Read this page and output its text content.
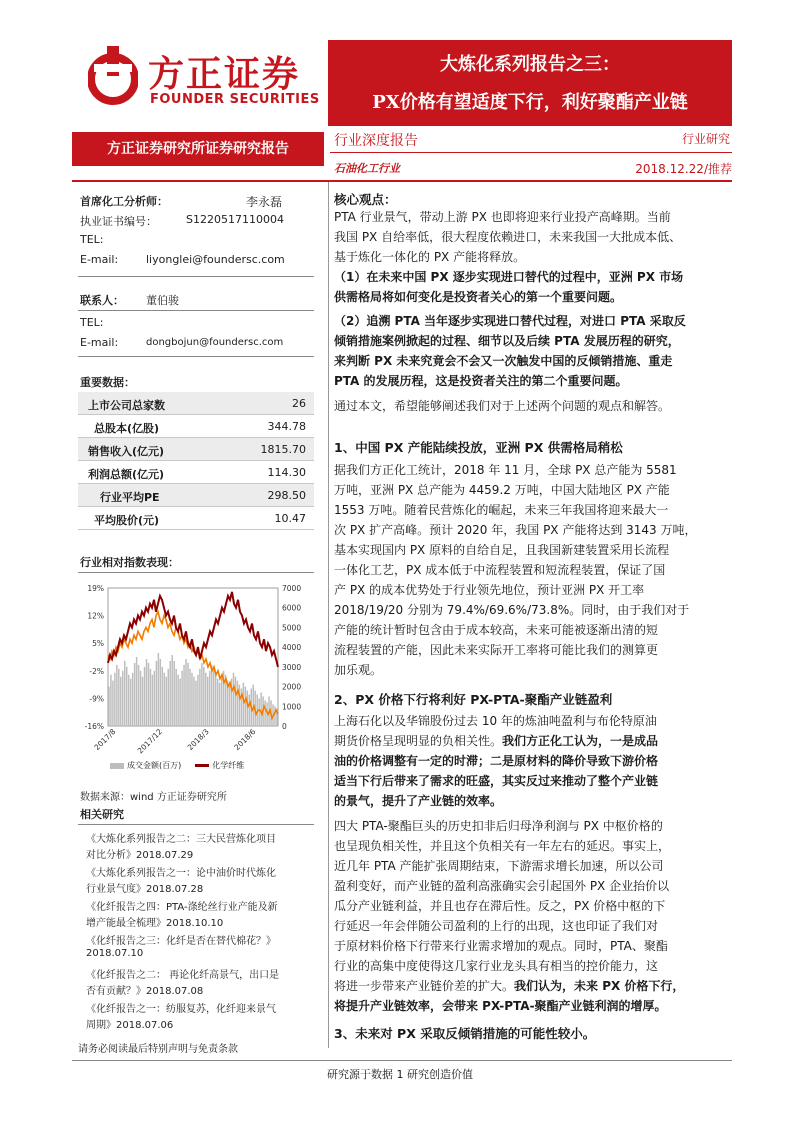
方正证券
FOUNDER SECURITIES
大炼化系列报告之三：
PX价格有望适度下行，利好聚酯产业链
方正证券研究所证券研究报告	行业深度报告	行业研究
石油化工行业	2018.12.22/推荐
首席化工分析师：	李永磊
执业证书编号：	S1220517110004
TEL:
E-mail:	liyonglei@foundersc.com
联系人： 董伯骏
TEL:
E-mail:	dongbojun@foundersc.com
重要数据：
上市公司总家数	26
总股本(亿股)	344.78
销售收入(亿元)	1815.70
利润总额(亿元)	114.30
行业平均PE	298.50
平均股价(元)	10.47
行业相对指数表现：
19%
12%
5%
-2%
-9%
-16%
7000
6000
5000
4000
3000
2000
1000
0
2017/8 2017/12	2018/3	2018/6
成交金额(百万)	化学纤维
数据来源：wind 方正证券研究所
相关研究
《大炼化系列报告之二：三大民营炼化项目
对比分析》2018.07.29
《大炼化系列报告之一：论中油价时代炼化
行业景气度》2018.07.28
《化纤报告之四：PTA-涤纶丝行业产能及新
增产能最全梳理》2018.10.10
《化纤报告之三：化纤是否在替代棉花？》
2018.07.10
《化纤报告之二： 再论化纤高景气，出口是
否有贡献？》2018.07.08
《化纤报告之一：纺服复苏，化纤迎来景气
周期》2018.07.06
请务必阅读最后特别声明与免责条款
核心观点：
PTA 行业景气，带动上游 PX 也即将迎来行业投产高峰期。当前
我国 PX 自给率低，很大程度依赖进口，未来我国一大批成本低、
基于炼化一体化的 PX 产能将释放。
（1）在未来中国 PX 逐步实现进口替代的过程中，亚洲 PX 市场
供需格局将如何变化是投资者关心的第一个重要问题。
（2）追溯 PTA 当年逐步实现进口替代过程，对进口 PTA 采取反
倾销措施案例掀起的过程、细节以及后续 PTA 发展历程的研究，
来判断 PX 未来究竟会不会又一次触发中国的反倾销措施、重走
PTA 的发展历程，这是投资者关注的第二个重要问题。
通过本文，希望能够阐述我们对于上述两个问题的观点和解答。
1、中国 PX 产能陆续投放，亚洲 PX 供需格局稍松
据我们方正化工统计，2018 年 11 月，全球 PX 总产能为 5581
万吨，亚洲 PX 总产能为 4459.2 万吨，中国大陆地区 PX 产能
1553 万吨。随着民营炼化的崛起，未来三年我国将迎来最大一
次 PX 扩产高峰。预计 2020 年，我国 PX 产能将达到 3143 万吨，
基本实现国内 PX 原料的自给自足，且我国新建装置采用长流程
一体化工艺，PX 成本低于中流程装置和短流程装置，保证了国
产 PX 的成本优势处于行业领先地位，预计亚洲 PX 开工率
2018/19/20 分别为 79.4%/69.6%/73.8%。同时，由于我们对于
产能的统计暂时包含由于成本较高，未来可能被逐渐出清的短
流程装置的产能，因此未来实际开工率将可能比我们的测算更
加乐观。
2、PX 价格下行将利好 PX-PTA-聚酯产业链盈利
上海石化以及华锦股份过去 10 年的炼油吨盈利与布伦特原油
期货价格呈现明显的负相关性。我们方正化工认为，一是成品
油的价格调整有一定的时滞；二是原材料的降价导致下游价格
适当下行后带来了需求的旺盛，其实反过来推动了整个产业链
的景气，提升了产业链的效率。
四大 PTA-聚酯巨头的历史扣非后归母净利润与 PX 中枢价格的
也呈现负相关性，并且这个负相关有一年左右的延迟。事实上，
近几年 PTA 产能扩张周期结束，下游需求增长加速，所以公司
盈利变好，而产业链的盈利高涨确实会引起国外 PX 企业抬价以
瓜分产业链利益，并且也存在滞后性。反之，PX 价格中枢的下
行延迟一年会伴随公司盈利的上行的出现，这也印证了我们对
于原材料价格下行带来行业需求增加的观点。同时，PTA、聚酯
行业的高集中度使得这几家行业龙头具有相当的控价能力，这
将进一步带来产业链价差的扩大。我们认为，未来 PX 价格下行，
将提升产业链效率，会带来 PX-PTA-聚酯产业链利润的增厚。
3、未来对 PX 采取反倾销措施的可能性较小。
研究源于数据 1 研究创造价值
